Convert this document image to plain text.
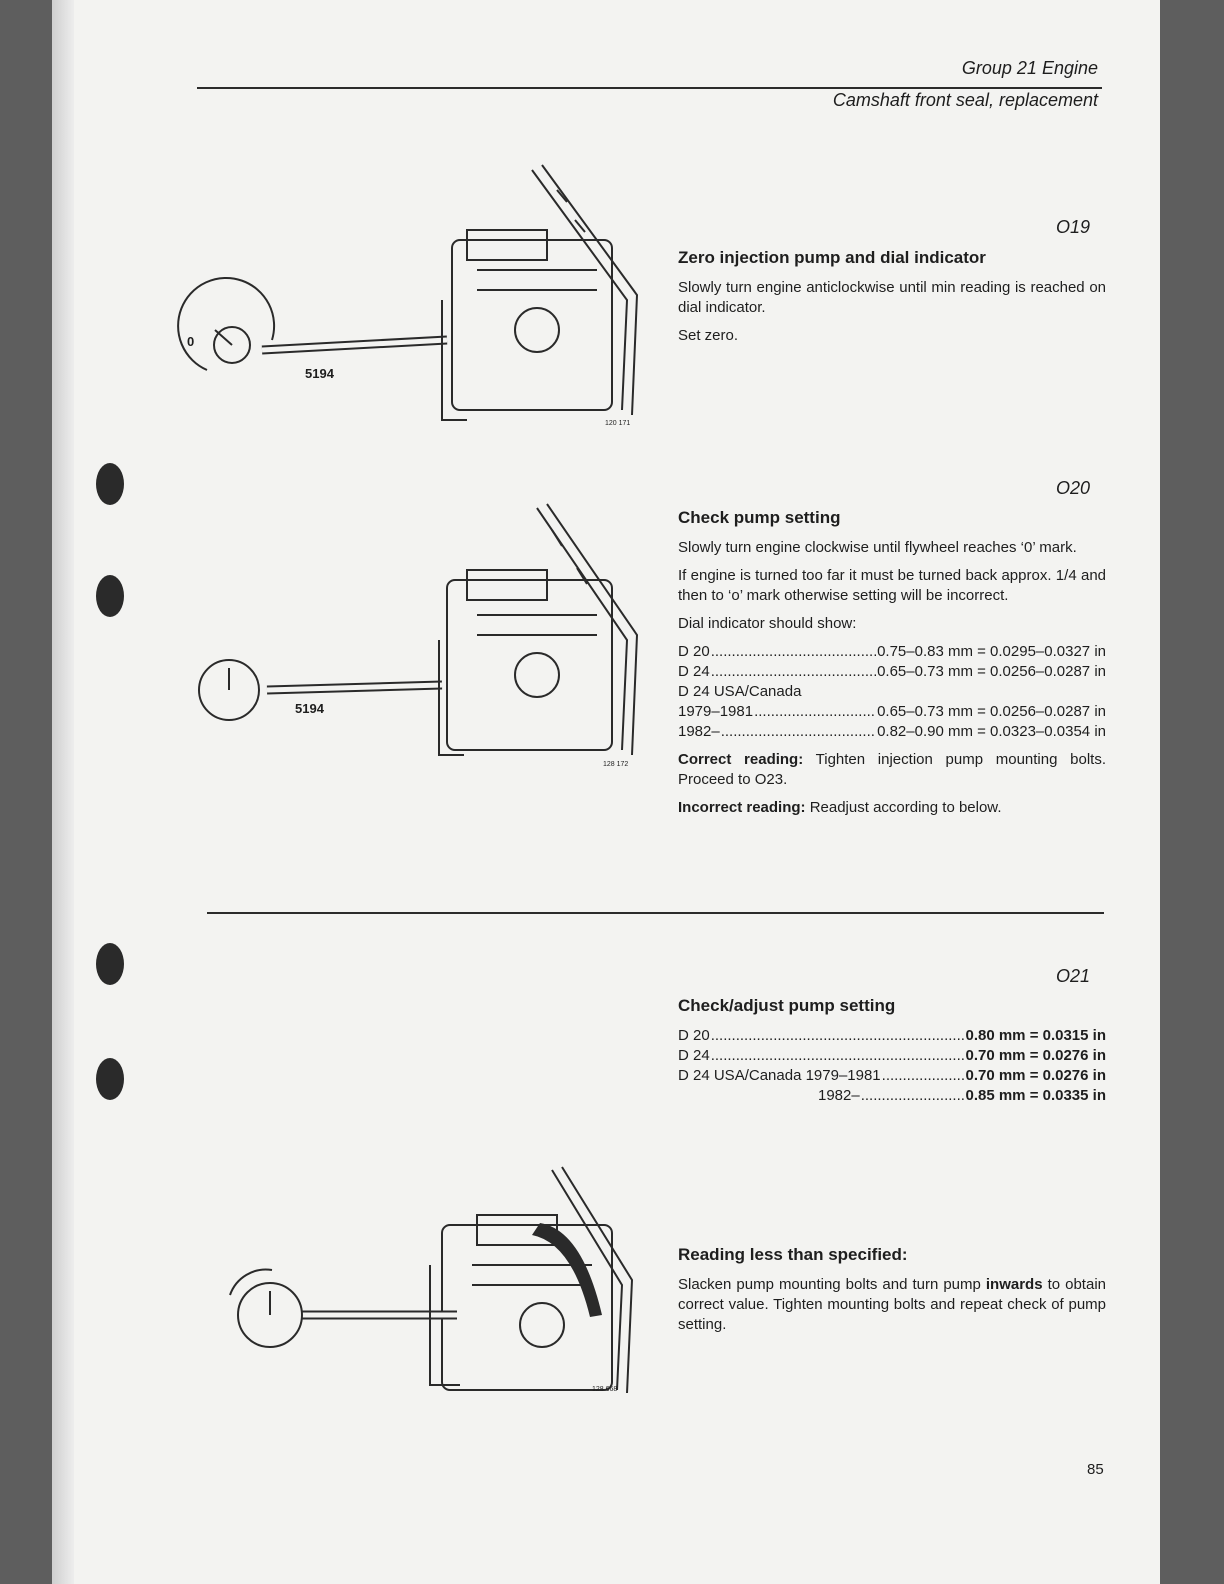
Group 21 Engine
Camshaft front seal, replacement
0
5194
120 171
5194
128 172
128 668
O19
Zero injection pump and dial indicator

Slowly turn engine anticlockwise until min reading is reached on dial indicator.

Set zero.

O20
Check pump setting

Slowly turn engine clockwise until flywheel reaches ‘0’ mark.

If engine is turned too far it must be turned back approx. 1/4 and then to ‘o’ mark otherwise setting will be incorrect.

Dial indicator should show:

D 20 .....	0.75–0.83 mm = 0.0295–0.0327 in
D 24 .....	0.65–0.73 mm = 0.0256–0.0287 in
D 24 USA/Canada
1979–1981 .....	0.65–0.73 mm = 0.0256–0.0287 in
1982– .....	0.82–0.90 mm = 0.0323–0.0354 in

Correct reading: Tighten injection pump mounting bolts. Proceed to O23.

Incorrect reading: Readjust according to below.

O21
Check/adjust pump setting
D 20 .....	0.80 mm = 0.0315 in
D 24 .....	0.70 mm = 0.0276 in
D 24 USA/Canada 1979–1981 .....	0.70 mm = 0.0276 in
1982– .....	0.85 mm = 0.0335 in
Reading less than specified:

Slacken pump mounting bolts and turn pump inwards to obtain correct value. Tighten mounting bolts and repeat check of pump setting.

85
